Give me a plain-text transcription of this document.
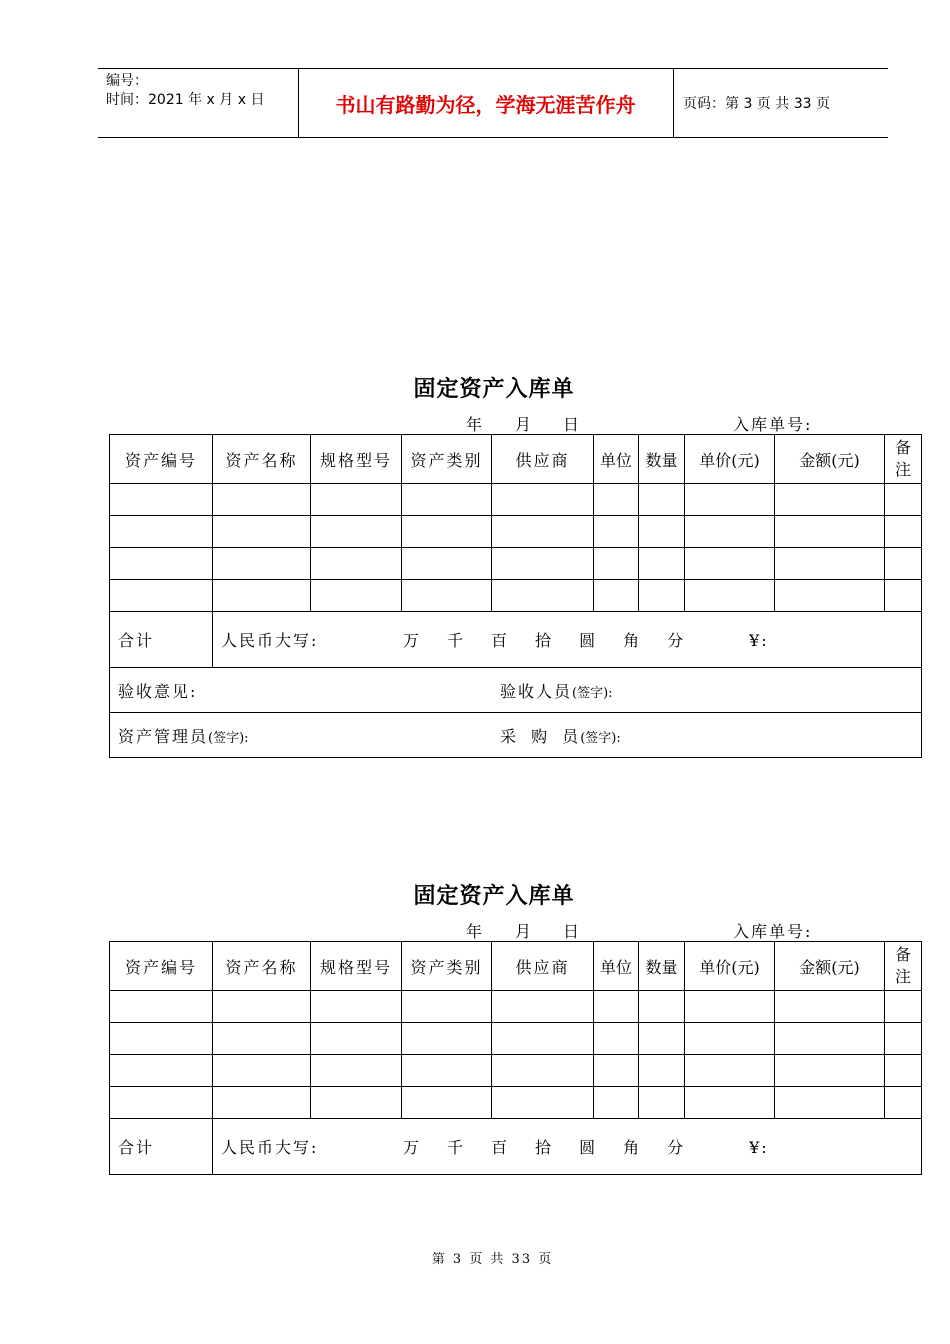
编号：
时间：2021 年 x 月 x 日	书山有路勤为径，学海无涯苦作舟	页码：第 3 页 共 33 页
固定资产入库单
年 月 日	入库单号:
资产编号	资产名称	规格型号	资产类别	供应商	单位	数量	单价(元)	金额(元)	备注

合计	人民币大写: 万 千 百 拾 圆 角 分 ¥:								
验收意见: 验收人员(签字):									
资产管理员(签字): 采 购 员(签字):									
固定资产入库单
年 月 日	入库单号:
资产编号	资产名称	规格型号	资产类别	供应商	单位	数量	单价(元)	金额(元)	备注

合计	人民币大写: 万 千 百 拾 圆 角 分 ¥:								
第 3 页 共 33 页
